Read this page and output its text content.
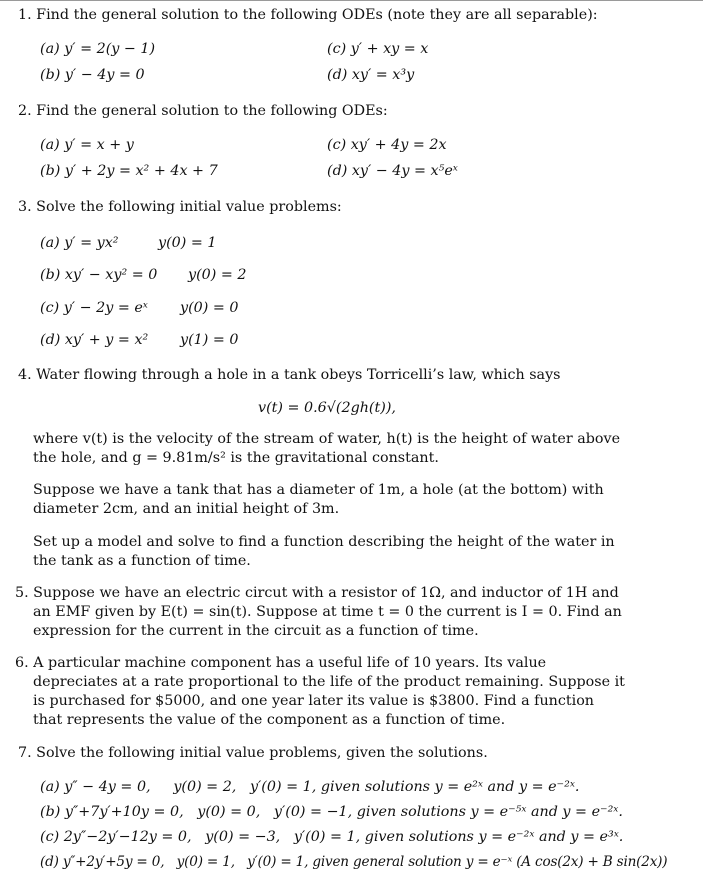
1. Find the general solution to the following ODEs (note they are all separable):
(a) y′ = 2(y − 1)
(b) y′ − 4y = 0
(c) y′ + xy = x
(d) xy′ = x³y
2. Find the general solution to the following ODEs:
(a) y′ = x + y
(b) y′ + 2y = x² + 4x + 7
(c) xy′ + 4y = 2x
(d) xy′ − 4y = x⁵eˣ
3. Solve the following initial value problems:
(a) y′ = yx²	y(0) = 1
(b) xy′ − xy² = 0 y(0) = 2
(c) y′ − 2y = eˣ y(0) = 0
(d) xy′ + y = x² y(1) = 0
4. Water flowing through a hole in a tank obeys Torricelli’s law, which says
v(t) = 0.6√(2gh(t)),
where v(t) is the velocity of the stream of water, h(t) is the height of water above the hole, and g = 9.81m/s² is the gravitational constant.
Suppose we have a tank that has a diameter of 1m, a hole (at the bottom) with diameter 2cm, and an initial height of 3m.
Set up a model and solve to find a function describing the height of the water in the tank as a function of time.
5. Suppose we have an electric circut with a resistor of 1Ω, and inductor of 1H and an EMF given by E(t) = sin(t). Suppose at time t = 0 the current is I = 0. Find an expression for the current in the circuit as a function of time.
6. A particular machine component has a useful life of 10 years. Its value depreciates at a rate proportional to the life of the product remaining. Suppose it is purchased for $5000, and one year later its value is $3800. Find a function that represents the value of the component as a function of time.
7. Solve the following initial value problems, given the solutions.
(a) y″ − 4y = 0,     y(0) = 2,   y′(0) = 1, given solutions y = e²ˣ and y = e⁻²ˣ.
(b) y″+7y′+10y = 0,   y(0) = 0,   y′(0) = −1, given solutions y = e⁻⁵ˣ and y = e⁻²ˣ.
(c) 2y″−2y′−12y = 0,   y(0) = −3,   y′(0) = 1, given solutions y = e⁻²ˣ and y = e³ˣ.
(d) y″+2y′+5y = 0,   y(0) = 1,   y′(0) = 1, given general solution y = e⁻ˣ (A cos(2x) + B sin(2x))
